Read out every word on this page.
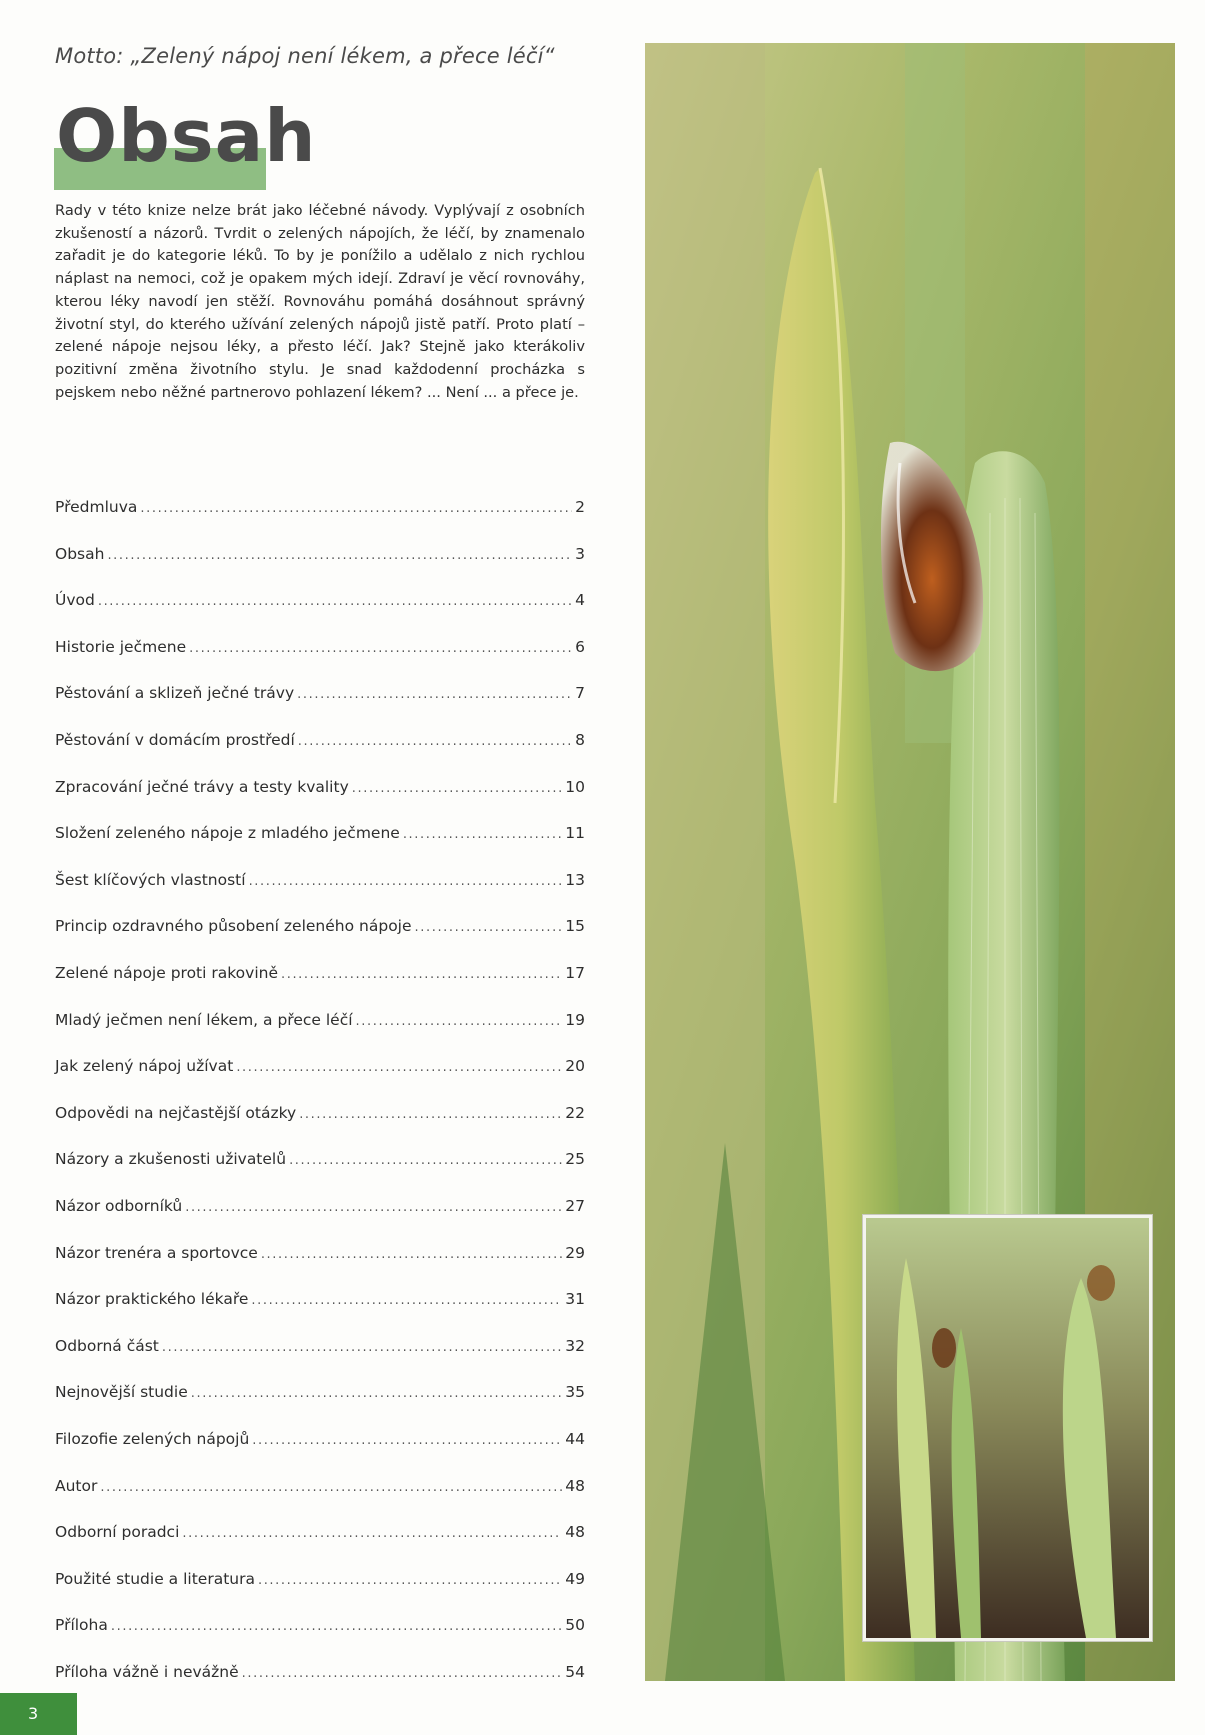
Motto: „Zelený nápoj není lékem, a přece léčí“
Obsah
Rady v této knize nelze brát jako léčebné návody. Vyplývají z osobních zkušeností a názorů. Tvrdit o zelených nápojích, že léčí, by znamenalo zařadit je do kategorie léků. To by je ponížilo a udělalo z nich rychlou náplast na nemoci, což je opakem mých idejí. Zdraví je věcí rovnováhy, kterou léky navodí jen stěží. Rovnováhu pomáhá dosáhnout správný životní styl, do kterého užívání zelených nápojů jistě patří. Proto platí – zelené nápoje nejsou léky, a přesto léčí. Jak? Stejně jako kterákoliv pozitivní změna životního stylu. Je snad každodenní procházka s pejskem nebo něžné partnerovo pohlazení lékem? ... Není ... a přece je.
Předmluva .....	2
Obsah .....	3
Úvod .....	4
Historie ječmene .....	6
Pěstování a sklizeň ječné trávy .....	7
Pěstování v domácím prostředí .....	8
Zpracování ječné trávy a testy kvality .....	10
Složení zeleného nápoje z mladého ječmene .....	11
Šest klíčových vlastností .....	13
Princip ozdravného působení zeleného nápoje .....	15
Zelené nápoje proti rakovině .....	17
Mladý ječmen není lékem, a přece léčí .....	19
Jak zelený nápoj užívat .....	20
Odpovědi na nejčastější otázky .....	22
Názory a zkušenosti uživatelů .....	25
Názor odborníků .....	27
Názor trenéra a sportovce .....	29
Názor praktického lékaře .....	31
Odborná část .....	32
Nejnovější studie .....	35
Filozofie zelených nápojů .....	44
Autor .....	48
Odborní poradci .....	48
Použité studie a literatura .....	49
Příloha .....	50
Příloha vážně i nevážně .....	54
3
